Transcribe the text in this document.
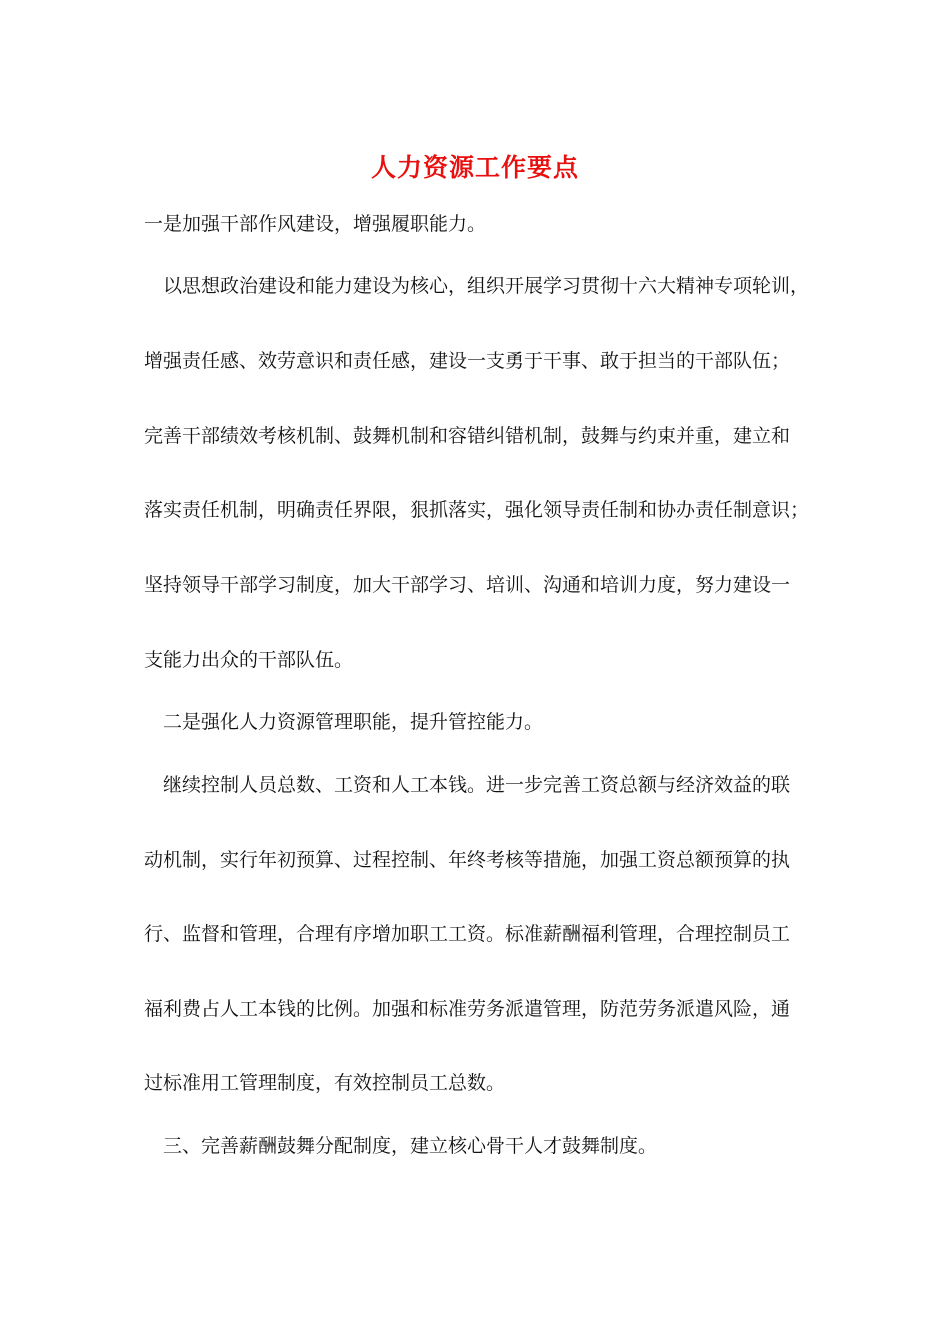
人力资源工作要点
一是加强干部作风建设，增强履职能力。
以思想政治建设和能力建设为核心，组织开展学习贯彻十六大精神专项轮训，
增强责任感、效劳意识和责任感，建设一支勇于干事、敢于担当的干部队伍；
完善干部绩效考核机制、鼓舞机制和容错纠错机制，鼓舞与约束并重，建立和
落实责任机制，明确责任界限，狠抓落实，强化领导责任制和协办责任制意识；
坚持领导干部学习制度，加大干部学习、培训、沟通和培训力度，努力建设一
支能力出众的干部队伍。
二是强化人力资源管理职能，提升管控能力。
继续控制人员总数、工资和人工本钱。进一步完善工资总额与经济效益的联
动机制，实行年初预算、过程控制、年终考核等措施，加强工资总额预算的执
行、监督和管理，合理有序增加职工工资。标准薪酬福利管理，合理控制员工
福利费占人工本钱的比例。加强和标准劳务派遣管理，防范劳务派遣风险，通
过标准用工管理制度，有效控制员工总数。
三、完善薪酬鼓舞分配制度，建立核心骨干人才鼓舞制度。
